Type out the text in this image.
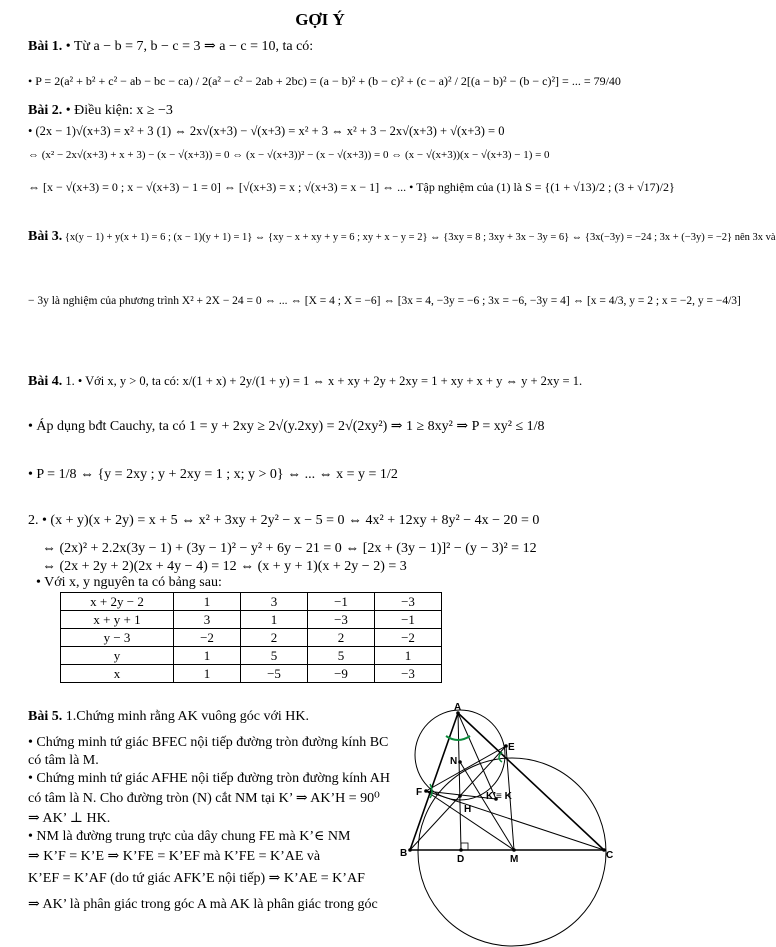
GỢI Ý
Bài 1. • Từ a − b = 7, b − c = 3 ⇒ a − c = 10, ta có:
• P = 2(a² + b² + c² − ab − bc − ca) / 2(a² − c² − 2ab + 2bc) = (a − b)² + (b − c)² + (c − a)² / 2[(a − b)² − (b − c)²] = ... = 79/40
Bài 2. • Điều kiện: x ≥ −3
• (2x − 1)√(x+3) = x² + 3 (1) ⇔ 2x√(x+3) − √(x+3) = x² + 3 ⇔ x² + 3 − 2x√(x+3) + √(x+3) = 0
⇔ (x² − 2x√(x+3) + x + 3) − (x − √(x+3)) = 0 ⇔ (x − √(x+3))² − (x − √(x+3)) = 0 ⇔ (x − √(x+3))(x − √(x+3) − 1) = 0
⇔ [x − √(x+3) = 0 ; x − √(x+3) − 1 = 0] ⇔ [√(x+3) = x ; √(x+3) = x − 1] ⇔ ... • Tập nghiệm của (1) là S = {(1 + √13)/2 ; (3 + √17)/2}
Bài 3. {x(y − 1) + y(x + 1) = 6 ; (x − 1)(y + 1) = 1} ⇔ {xy − x + xy + y = 6 ; xy + x − y = 2} ⇔ {3xy = 8 ; 3xy + 3x − 3y = 6} ⇔ {3x(−3y) = −24 ; 3x + (−3y) = −2} nên 3x và
− 3y là nghiệm của phương trình X² + 2X − 24 = 0 ⇔ ... ⇔ [X = 4 ; X = −6] ⇔ [3x = 4, −3y = −6 ; 3x = −6, −3y = 4] ⇔ [x = 4/3, y = 2 ; x = −2, y = −4/3]
Bài 4. 1. • Với x, y > 0, ta có: x/(1 + x) + 2y/(1 + y) = 1 ⇔ x + xy + 2y + 2xy = 1 + xy + x + y ⇔ y + 2xy = 1.
• Áp dụng bđt Cauchy, ta có 1 = y + 2xy ≥ 2√(y.2xy) = 2√(2xy²) ⇒ 1 ≥ 8xy² ⇒ P = xy² ≤ 1/8
• P = 1/8 ⇔ {y = 2xy ; y + 2xy = 1 ; x; y > 0} ⇔ ... ⇔ x = y = 1/2
2. • (x + y)(x + 2y) = x + 5 ⇔ x² + 3xy + 2y² − x − 5 = 0 ⇔ 4x² + 12xy + 8y² − 4x − 20 = 0
⇔ (2x)² + 2.2x(3y − 1) + (3y − 1)² − y² + 6y − 21 = 0 ⇔ [2x + (3y − 1)]² − (y − 3)² = 12
⇔ (2x + 2y + 2)(2x + 4y − 4) = 12 ⇔ (x + y + 1)(x + 2y − 2) = 3
• Với x, y nguyên ta có bảng sau:
x + 2y − 2	1	3	−1	−3
x + y + 1	3	1	−3	−1
y − 3	−2	2	2	−2
y	1	5	5	1
x	1	−5	−9	−3
Bài 5. 1.Chứng minh rằng AK vuông góc với HK.
• Chứng minh tứ giác BFEC nội tiếp đường tròn đường kính BC
có tâm là M.
• Chứng minh tứ giác AFHE nội tiếp đường tròn đường kính AH
có tâm là N. Cho đường tròn (N) cắt NM tại K’ ⇒ AK’H = 90⁰
⇒ AK’ ⊥ HK.
• NM là đường trung trực của dây chung FE mà K’∈ NM
⇒ K’F = K’E ⇒ K’FE = K’EF mà K’FE = K’AE và
K’EF = K’AF (do tứ giác AFK’E nội tiếp) ⇒ K’AE = K’AF
⇒ AK’ là phân giác trong góc A mà AK là phân giác trong góc
A
B	C
D
E
F
H
M
N
K’≡ K
